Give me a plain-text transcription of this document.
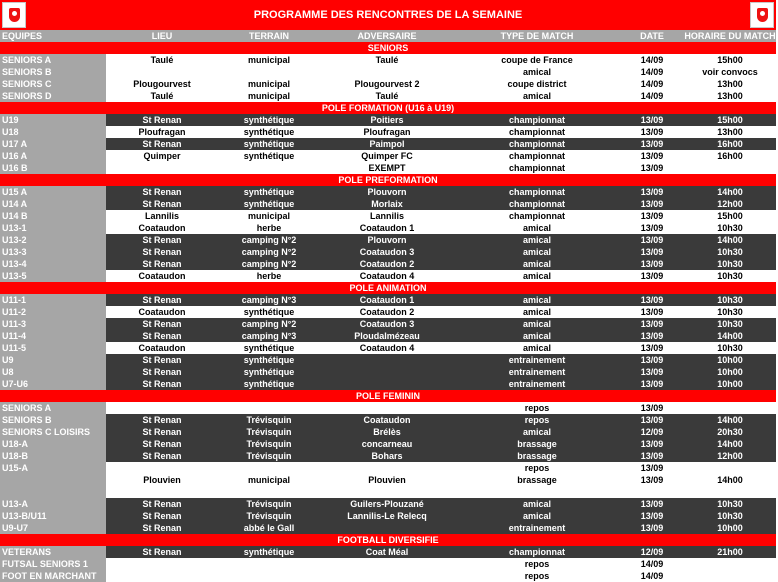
PROGRAMME DES RENCONTRES DE LA SEMAINE
EQUIPES	LIEU	TERRAIN	ADVERSAIRE	TYPE DE MATCH	DATE	HORAIRE DU MATCH
SENIORS						
SENIORS A	Taulé	municipal	Taulé	coupe de France	14/09	15h00
SENIORS B				amical	14/09	voir convocs
SENIORS C	Plougourvest	municipal	Plougourvest 2	coupe district	14/09	13h00
SENIORS D	Taulé	municipal	Taulé	amical	14/09	13h00
POLE FORMATION (U16 à U19)						
U19	St Renan	synthétique	Poitiers	championnat	13/09	15h00
U18	Ploufragan	synthétique	Ploufragan	championnat	13/09	13h00
U17 A	St Renan	synthétique	Paimpol	championnat	13/09	16h00
U16 A	Quimper	synthétique	Quimper FC	championnat	13/09	16h00
U16 B			EXEMPT	championnat	13/09	
POLE PREFORMATION						
U15 A	St Renan	synthétique	Plouvorn	championnat	13/09	14h00
U14 A	St Renan	synthétique	Morlaix	championnat	13/09	12h00
U14 B	Lannilis	municipal	Lannilis	championnat	13/09	15h00
U13-1	Coataudon	herbe	Coataudon 1	amical	13/09	10h30
U13-2	St Renan	camping N°2	Plouvorn	amical	13/09	14h00
U13-3	St Renan	camping N°2	Coataudon 3	amical	13/09	10h30
U13-4	St Renan	camping N°2	Coataudon 2	amical	13/09	10h30
U13-5	Coataudon	herbe	Coataudon 4	amical	13/09	10h30
POLE ANIMATION						
U11-1	St Renan	camping N°3	Coataudon 1	amical	13/09	10h30
U11-2	Coataudon	synthétique	Coataudon 2	amical	13/09	10h30
U11-3	St Renan	camping N°2	Coataudon 3	amical	13/09	10h30
U11-4	St Renan	camping N°3	Ploudalmézeau	amical	13/09	14h00
U11-5	Coataudon	synthétique	Coataudon 4	amical	13/09	10h30
U9	St Renan	synthétique		entrainement	13/09	10h00
U8	St Renan	synthétique		entrainement	13/09	10h00
U7-U6	St Renan	synthétique		entrainement	13/09	10h00
POLE FEMININ						
SENIORS A				repos	13/09	
SENIORS B	St Renan	Trévisquin	Coataudon	repos	13/09	14h00
SENIORS C LOISIRS	St Renan	Trévisquin	Brélès	amical	12/09	20h30
U18-A	St Renan	Trévisquin	concarneau	brassage	13/09	14h00
U18-B	St Renan	Trévisquin	Bohars	brassage	13/09	12h00
U15-A				repos	13/09	
	Plouvien	municipal	Plouvien	brassage	13/09	14h00

U13-A	St Renan	Trévisquin	Guilers-Plouzané	amical	13/09	10h30
U13-B/U11	St Renan	Trévisquin	Lannilis-Le Relecq	amical	13/09	10h30
U9-U7	St Renan	abbé le Gall		entrainement	13/09	10h00
FOOTBALL DIVERSIFIE						
VETERANS	St Renan	synthétique	Coat Méal	championnat	12/09	21h00
FUTSAL SENIORS 1				repos	14/09	
FOOT EN MARCHANT				repos	14/09	
